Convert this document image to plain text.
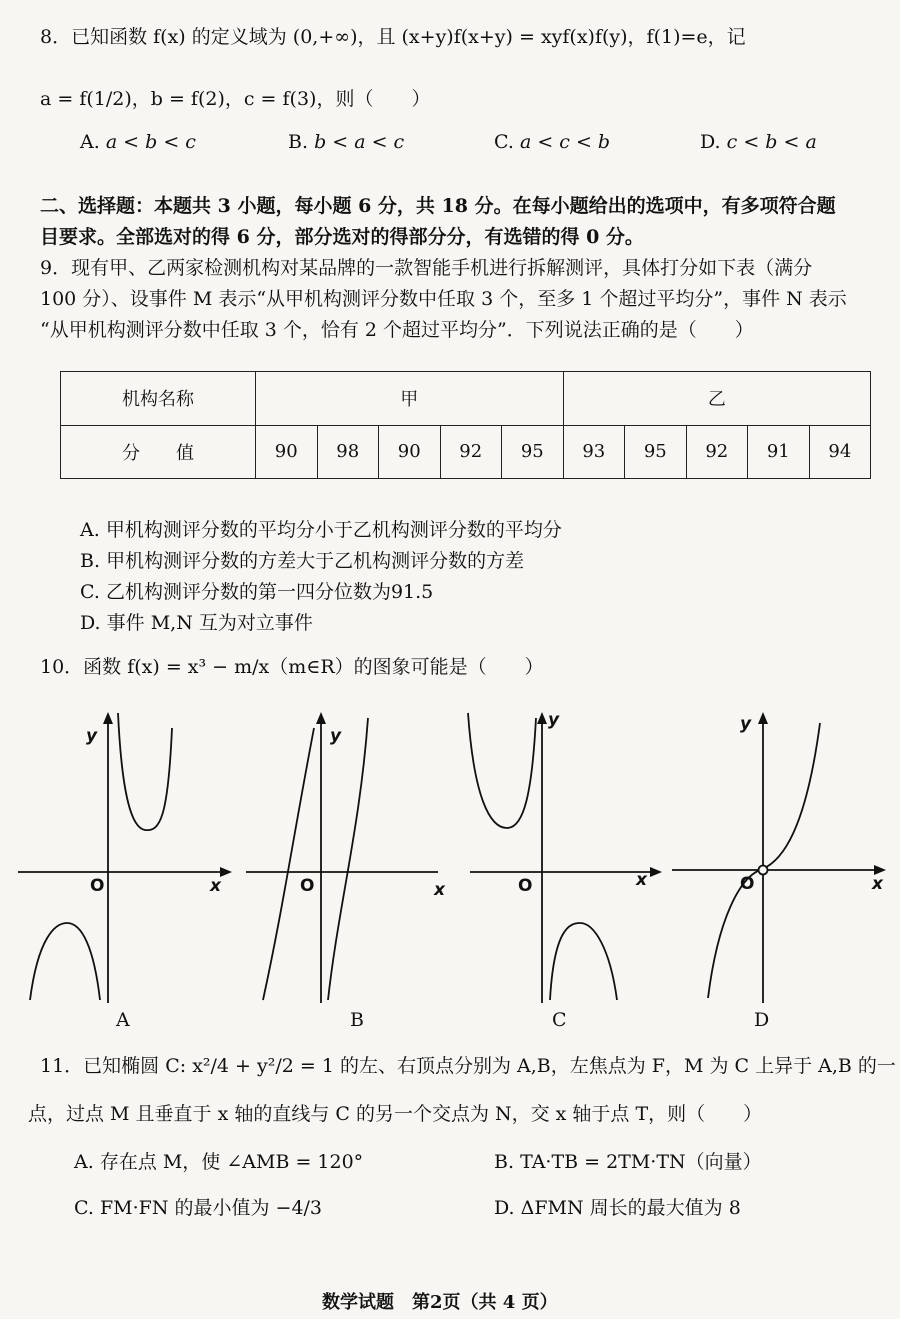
8．已知函数 f(x) 的定义域为 (0,+∞)，且 (x+y)f(x+y) = xyf(x)f(y)，f(1)=e，记
a = f(1/2)，b = f(2)，c = f(3)，则（　　）
A. a < b < c	B. b < a < c	C. a < c < b	D. c < b < a
二、选择题：本题共 3 小题，每小题 6 分，共 18 分。在每小题给出的选项中，有多项符合题
目要求。全部选对的得 6 分，部分选对的得部分分，有选错的得 0 分。
9．现有甲、乙两家检测机构对某品牌的一款智能手机进行拆解测评，具体打分如下表（满分
100 分）、设事件 M 表示“从甲机构测评分数中任取 3 个，至多 1 个超过平均分”，事件 N 表示
“从甲机构测评分数中任取 3 个，恰有 2 个超过平均分”．下列说法正确的是（　　）
机构名称	甲					乙				
分　　值	90	98	90	92	95	93	95	92	91	94
A. 甲机构测评分数的平均分小于乙机构测评分数的平均分
B. 甲机构测评分数的方差大于乙机构测评分数的方差
C. 乙机构测评分数的第一四分位数为91.5
D. 事件 M,N 互为对立事件
10．函数 f(x) = x³ − m/x（m∈R）的图象可能是（　　）
y
O	x
A
y
O	x
B
y
O	x
C
y
O	x
D
11．已知椭圆 C: x²/4 + y²/2 = 1 的左、右顶点分别为 A,B，左焦点为 F，M 为 C 上异于 A,B 的一
点，过点 M 且垂直于 x 轴的直线与 C 的另一个交点为 N，交 x 轴于点 T，则（　　）
A. 存在点 M，使 ∠AMB = 120°	B. TA·TB = 2TM·TN（向量）
C. FM·FN 的最小值为 −4/3	D. ΔFMN 周长的最大值为 8
数学试题　第2页（共 4 页）
